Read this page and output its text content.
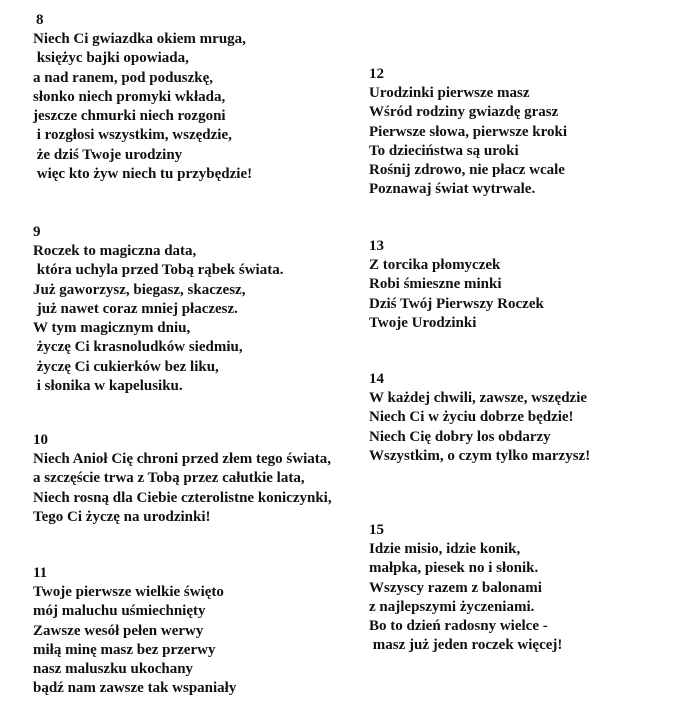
8
Niech Ci gwiazdka okiem mruga,
księżyc bajki opowiada,
a nad ranem, pod poduszkę,
słonko niech promyki wkłada,
jeszcze chmurki niech rozgoni
i rozgłosi wszystkim, wszędzie,
że dziś Twoje urodziny
więc kto żyw niech tu przybędzie!
9
Roczek to magiczna data,
która uchyla przed Tobą rąbek świata.
Już gaworzysz, biegasz, skaczesz,
już nawet coraz mniej płaczesz.
W tym magicznym dniu,
życzę Ci krasnoludków siedmiu,
życzę Ci cukierków bez liku,
i słonika w kapelusiku.
10
Niech Anioł Cię chroni przed złem tego świata,
a szczęście trwa z Tobą przez całutkie lata,
Niech rosną dla Ciebie czterolistne koniczynki,
Tego Ci życzę na urodzinki!
11
Twoje pierwsze wielkie święto
mój maluchu uśmiechnięty
Zawsze wesół pełen werwy
miłą minę masz bez przerwy
nasz maluszku ukochany
bądź nam zawsze tak wspaniały
12
Urodzinki pierwsze masz
Wśród rodziny gwiazdę grasz
Pierwsze słowa, pierwsze kroki
To dzieciństwa są uroki
Rośnij zdrowo, nie płacz wcale
Poznawaj świat wytrwale.
13
Z torcika płomyczek
Robi śmieszne minki
Dziś Twój Pierwszy Roczek
Twoje Urodzinki
14
W każdej chwili, zawsze, wszędzie
Niech Ci w życiu dobrze będzie!
Niech Cię dobry los obdarzy
Wszystkim, o czym tylko marzysz!
15
Idzie misio, idzie konik,
małpka, piesek no i słonik.
Wszyscy razem z balonami
z najlepszymi życzeniami.
Bo to dzień radosny wielce -
masz już jeden roczek więcej!
